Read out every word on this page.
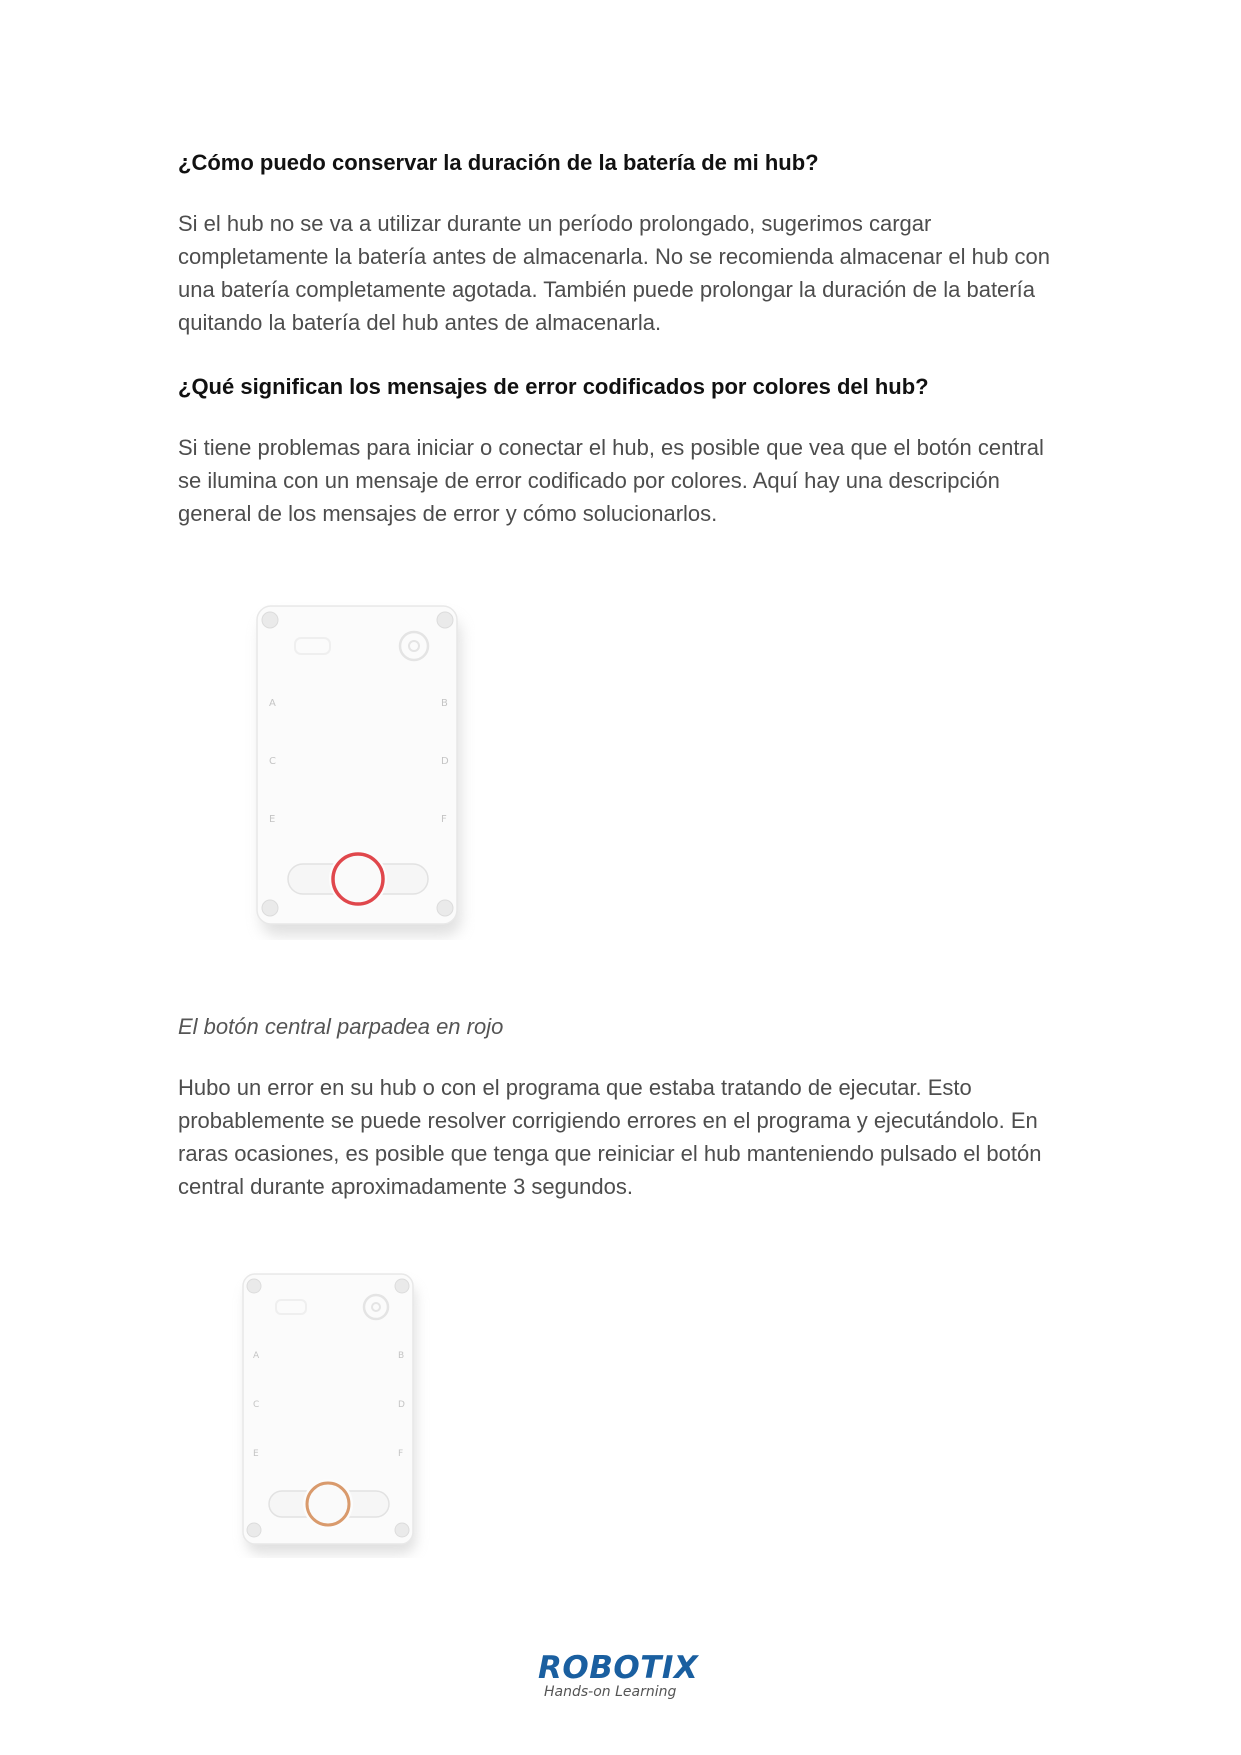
¿Cómo puedo conservar la duración de la batería de mi hub?

Si el hub no se va a utilizar durante un período prolongado, sugerimos cargar completamente la batería antes de almacenarla. No se recomienda almacenar el hub con una batería completamente agotada. También puede prolongar la duración de la batería quitando la batería del hub antes de almacenarla.

¿Qué significan los mensajes de error codificados por colores del hub?

Si tiene problemas para iniciar o conectar el hub, es posible que vea que el botón central se ilumina con un mensaje de error codificado por colores. Aquí hay una descripción general de los mensajes de error y cómo solucionarlos.

A	B
C	D
E	F

El botón central parpadea en rojo

Hubo un error en su hub o con el programa que estaba tratando de ejecutar. Esto probablemente se puede resolver corrigiendo errores en el programa y ejecutándolo. En raras ocasiones, es posible que tenga que reiniciar el hub manteniendo pulsado el botón central durante aproximadamente 3 segundos.

A	B
C	D
E	F
ROBOTIX
Hands-on Learning
